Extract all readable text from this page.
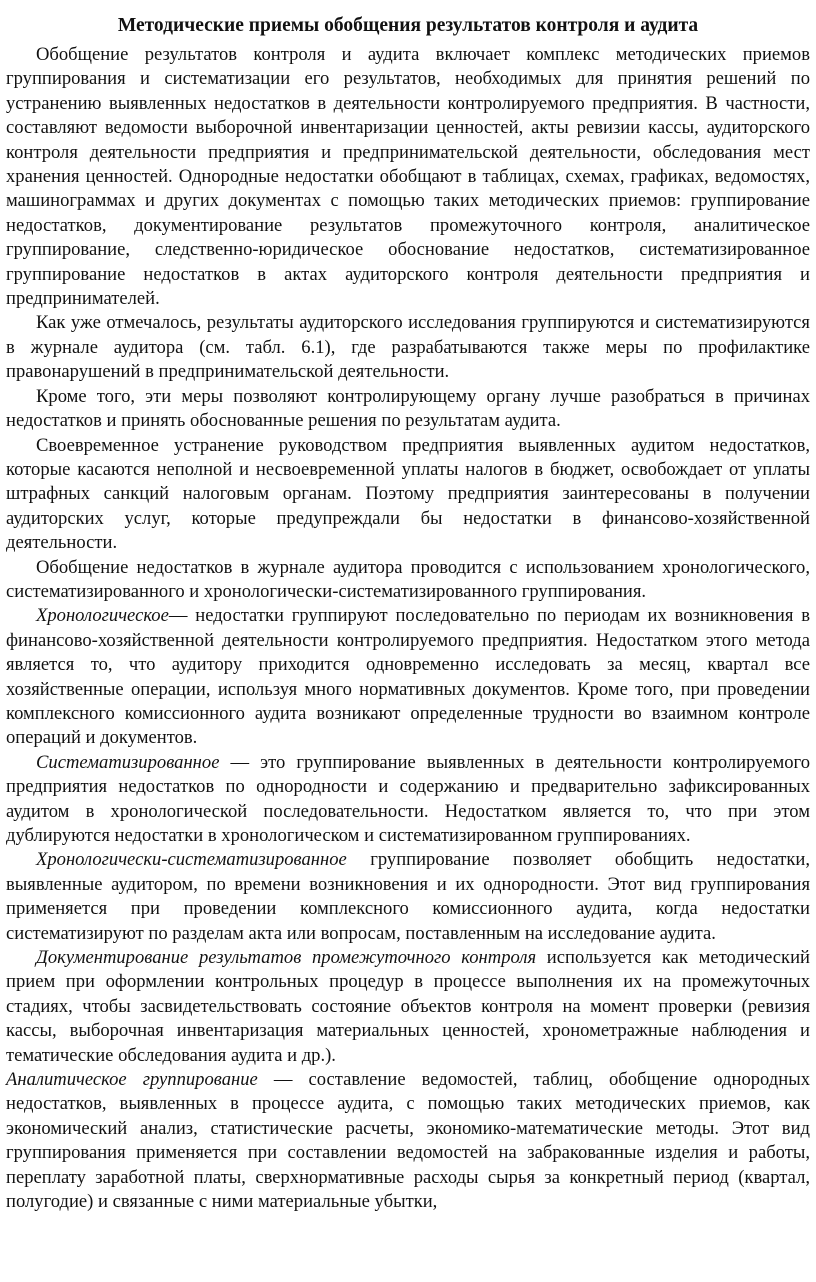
Методические приемы обобщения результатов контроля и аудита

Обобщение результатов контроля и аудита включает комплекс методических приемов группирования и систематизации его результатов, необходимых для принятия решений по устранению выявленных недостатков в деятельности контролируемого предприятия. В частности, составляют ведомости выборочной инвентаризации ценностей, акты ревизии кассы, аудиторского контроля деятельности предприятия и предпринимательской деятельности, обследования мест хранения ценностей. Однородные недостатки обобщают в таблицах, схемах, графиках, ведомостях, машинограммах и других документах с помощью таких методических приемов: группирование недостатков, документирование результатов промежуточного контроля, аналитическое группирование, следственно-юридическое обоснование недостатков, систематизированное группирование недостатков в актах аудиторского контроля деятельности предприятия и предпринимателей.

Как уже отмечалось, результаты аудиторского исследования группируются и систематизируются в журнале аудитора (см. табл. 6.1), где разрабатываются также меры по профилактике правонарушений в предпринимательской деятельности.

Кроме того, эти меры позволяют контролирующему органу лучше разобраться в причинах недостатков и принять обоснованные решения по результатам аудита.

Своевременное устранение руководством предприятия выявленных аудитом недостатков, которые касаются неполной и несвоевременной уплаты налогов в бюджет, освобождает от уплаты штрафных санкций налоговым органам. Поэтому предприятия заинтересованы в получении аудиторских услуг, которые предупреждали бы недостатки в финансово-хозяйственной деятельности.

Обобщение недостатков в журнале аудитора проводится с использованием хронологического, систематизированного и хронологически-систематизированного группирования.

Хронологическое— недостатки группируют последовательно по периодам их возникновения в финансово-хозяйственной деятельности контролируемого предприятия. Недостатком этого метода является то, что аудитору приходится одновременно исследовать за месяц, квартал все хозяйственные операции, используя много нормативных документов. Кроме того, при проведении комплексного комиссионного аудита возникают определенные трудности во взаимном контроле операций и документов.

Систематизированное — это группирование выявленных в деятельности контролируемого предприятия недостатков по однородности и содержанию и предварительно зафиксированных аудитом в хронологической последовательности. Недостатком является то, что при этом дублируются недостатки в хронологическом и систематизированном группированиях.

Хронологически-систематизированное группирование позволяет обобщить недостатки, выявленные аудитором, по времени возникновения и их однородности. Этот вид группирования применяется при проведении комплексного комиссионного аудита, когда недостатки систематизируют по разделам акта или вопросам, поставленным на исследование аудита.

Документирование результатов промежуточного контроля используется как методический прием при оформлении контрольных процедур в процессе выполнения их на промежуточных стадиях, чтобы засвидетельствовать состояние объектов контроля на момент проверки (ревизия кассы, выборочная инвентаризация материальных ценностей, хронометражные наблюдения и тематические обследования аудита и др.).

Аналитическое группирование — составление ведомостей, таблиц, обобщение однородных недостатков, выявленных в процессе аудита, с помощью таких методических приемов, как экономический анализ, статистические расчеты, экономико-математические методы. Этот вид группирования применяется при составлении ведомостей на забракованные изделия и работы, переплату заработной платы, сверхнормативные расходы сырья за конкретный период (квартал, полугодие) и связанные с ними материальные убытки,
